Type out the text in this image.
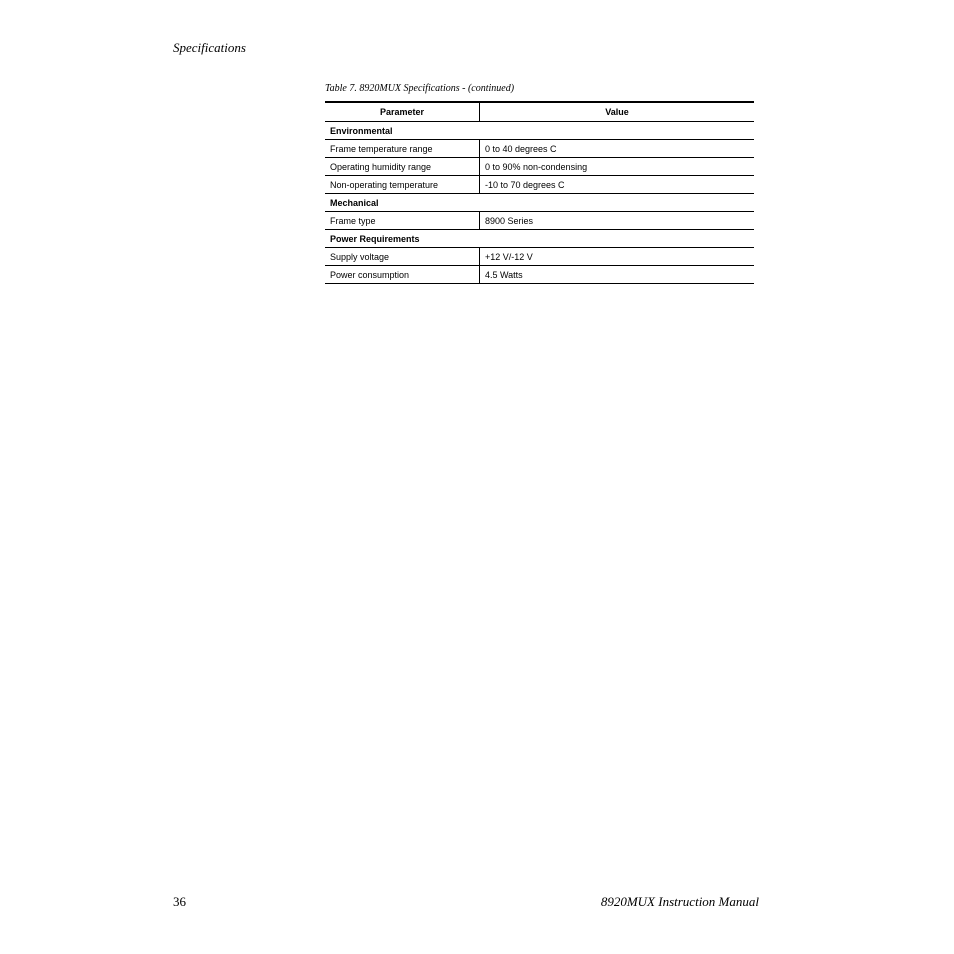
Specifications
Table 7. 8920MUX Specifications - (continued)
Parameter	Value
Environmental	
Frame temperature range	0 to 40 degrees C
Operating humidity range	0 to 90% non-condensing
Non-operating temperature	-10 to 70 degrees C
Mechanical	
Frame type	8900 Series
Power Requirements	
Supply voltage	+12 V/-12 V
Power consumption	4.5 Watts
36	8920MUX Instruction Manual
